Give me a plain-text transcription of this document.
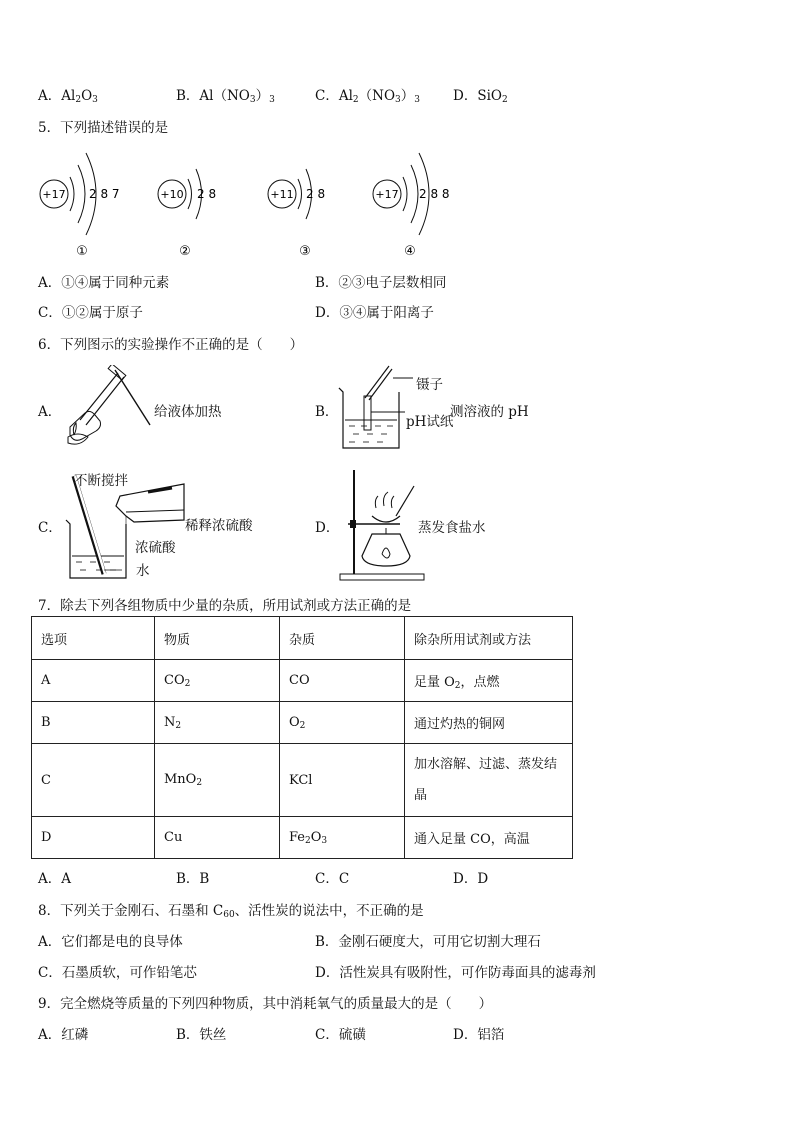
A．$Al_2O_3$	B．$Al(NO_3)_3$	C．$Al_2(NO_3)_3$ D．SiO$_2$
5．下列描述错误的是
+17 2 8 7
①
+10 2 8
②
+11 2 8
③
+17 2 8 8
④
A．①④属于同种元素	B．②③电子层数相同
C．①②属于原子	D．③④属于阳离子
6．下列图示的实验操作不正确的是（　　）
A．	给液体加热	B．
镊子
pH试纸
测溶液的 pH
C．
不断搅拌
稀释浓硫酸
浓硫酸
水
D．	蒸发食盐水
7．除去下列各组物质中少量的杂质，所用试剂或方法正确的是
选项	物质	杂质	除杂所用试剂或方法
A	$CO_2$	CO	足量 $O_2$，点燃
B	$N_2$	$O_2$	通过灼热的铜网
C	MnO$_2$	KCl	加水溶解、过滤、蒸发结
晶
D	Cu	$Fe_2O_3$	通入足量 CO，高温
A．A	B．B	C．C	D．D
8．下列关于金刚石、石墨和 $C_{60}$、活性炭的说法中，不正确的是
A．它们都是电的良导体	B．金刚石硬度大，可用它切割大理石
C．石墨质软，可作铅笔芯	D．活性炭具有吸附性，可作防毒面具的滤毒剂
9．完全燃烧等质量的下列四种物质，其中消耗氧气的质量最大的是（　　）
A．红磷	B．铁丝	C．硫磺	D．铝箔
